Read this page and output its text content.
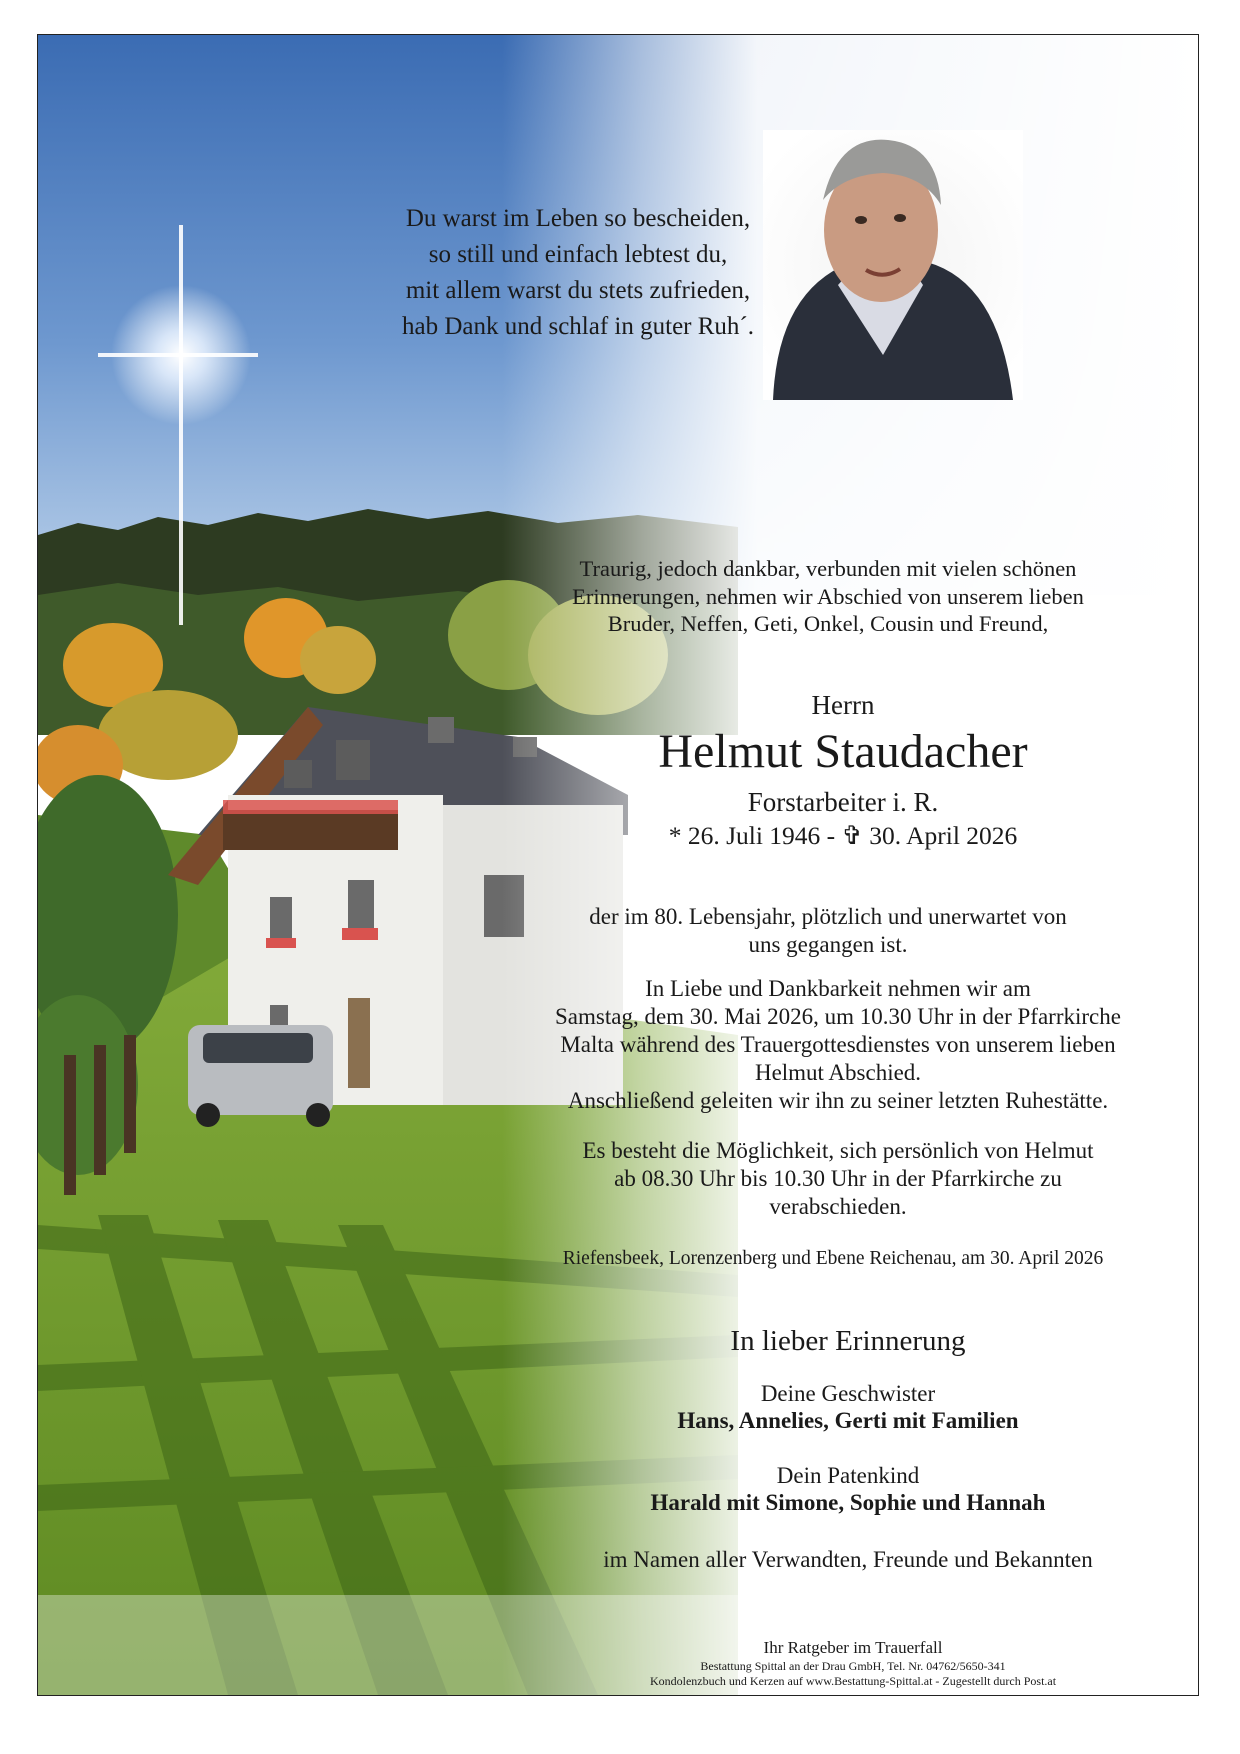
Du warst im Leben so bescheiden,
so still und einfach lebtest du,
mit allem warst du stets zufrieden,
hab Dank und schlaf in guter Ruh´.
Traurig, jedoch dankbar, verbunden mit vielen schönen
Erinnerungen, nehmen wir Abschied von unserem lieben
Bruder, Neffen, Geti, Onkel, Cousin und Freund,
Herrn
Helmut Staudacher
Forstarbeiter i. R.
* 26. Juli 1946 - ✞ 30. April 2026
der im 80. Lebensjahr, plötzlich und unerwartet von
uns gegangen ist.
In Liebe und Dankbarkeit nehmen wir am
Samstag, dem 30. Mai 2026, um 10.30 Uhr in der Pfarrkirche
Malta während des Trauergottesdienstes von unserem lieben
Helmut Abschied.
Anschließend geleiten wir ihn zu seiner letzten Ruhestätte.
Es besteht die Möglichkeit, sich persönlich von Helmut
ab 08.30 Uhr bis 10.30 Uhr in der Pfarrkirche zu
verabschieden.
Riefensbeek, Lorenzenberg und Ebene Reichenau, am 30. April 2026
In lieber Erinnerung
Deine Geschwister
Hans, Annelies, Gerti mit Familien
Dein Patenkind
Harald mit Simone, Sophie und Hannah
im Namen aller Verwandten, Freunde und Bekannten
Ihr Ratgeber im Trauerfall
Bestattung Spittal an der Drau GmbH, Tel. Nr. 04762/5650-341
Kondolenzbuch und Kerzen auf www.Bestattung-Spittal.at - Zugestellt durch Post.at
